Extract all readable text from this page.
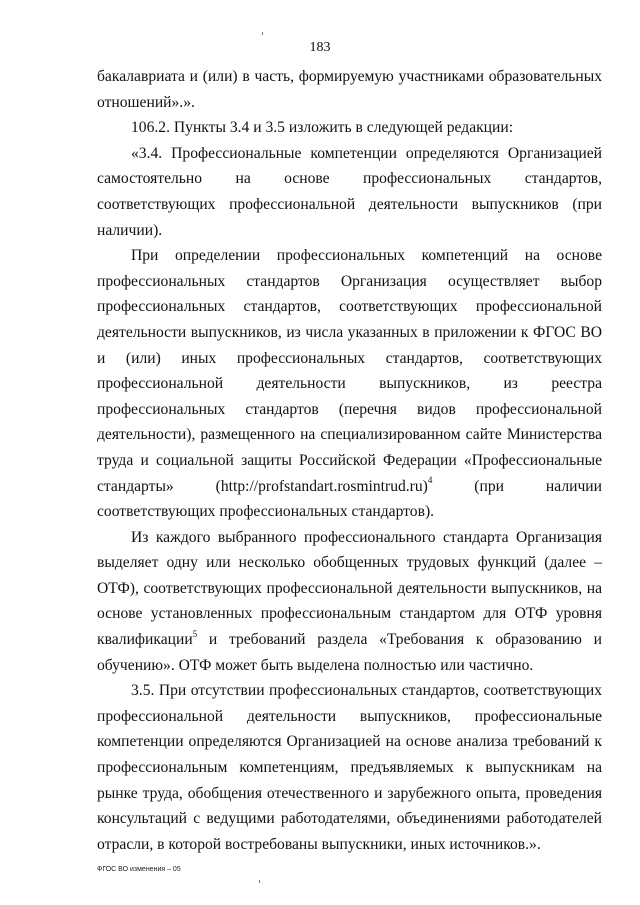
183

бакалавриата и (или) в часть, формируемую участниками образовательных отношений».».

106.2. Пункты 3.4 и 3.5 изложить в следующей редакции:

«3.4. Профессиональные компетенции определяются Организацией самостоятельно на основе профессиональных стандартов, соответствующих профессиональной деятельности выпускников (при наличии).

При определении профессиональных компетенций на основе профессиональных стандартов Организация осуществляет выбор профессиональных стандартов, соответствующих профессиональной деятельности выпускников, из числа указанных в приложении к ФГОС ВО и (или) иных профессиональных стандартов, соответствующих профессиональной деятельности выпускников, из реестра профессиональных стандартов (перечня видов профессиональной деятельности), размещенного на специализированном сайте Министерства труда и социальной защиты Российской Федерации «Профессиональные стандарты» (http://profstandart.rosmintrud.ru)$^4$ (при наличии соответствующих профессиональных стандартов).

Из каждого выбранного профессионального стандарта Организация выделяет одну или несколько обобщенных трудовых функций (далее – ОТФ), соответствующих профессиональной деятельности выпускников, на основе установленных профессиональным стандартом для ОТФ уровня квалификации$^5$ и требований раздела «Требования к образованию и обучению». ОТФ может быть выделена полностью или частично.

3.5. При отсутствии профессиональных стандартов, соответствующих профессиональной деятельности выпускников, профессиональные компетенции определяются Организацией на основе анализа требований к профессиональным компетенциям, предъявляемых к выпускникам на рынке труда, обобщения отечественного и зарубежного опыта, проведения консультаций с ведущими работодателями, объединениями работодателей отрасли, в которой востребованы выпускники, иных источников.».

ФГОС ВО изменения – 05
